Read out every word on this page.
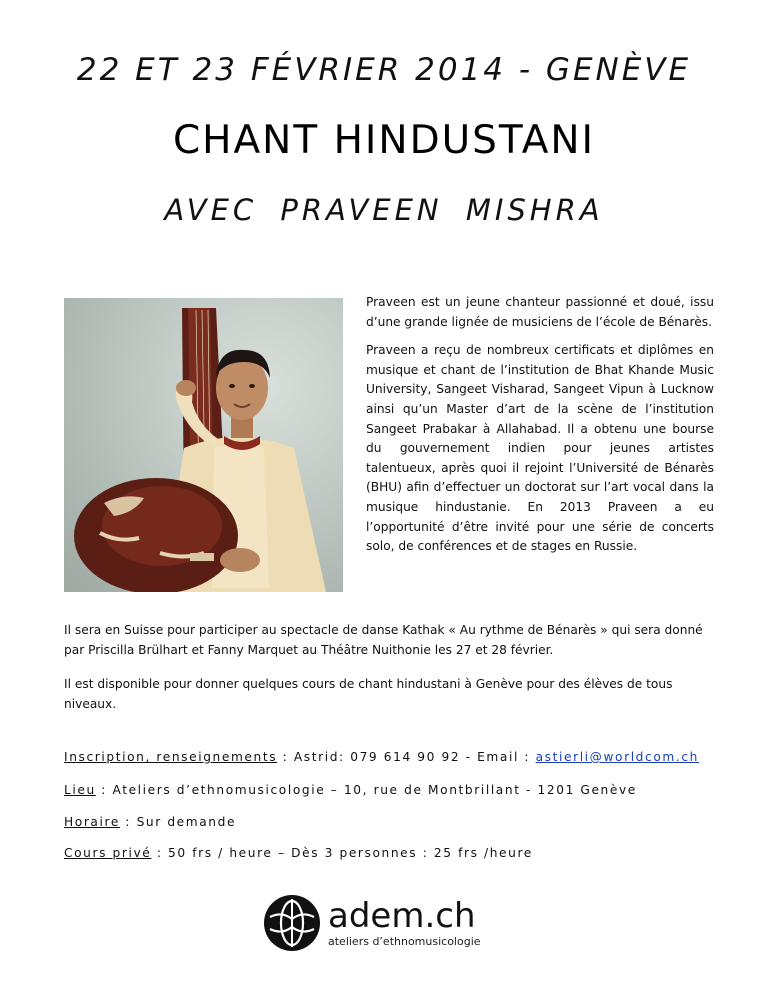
22 ET 23 FÉVRIER 2014 - GENÈVE
CHANT HINDUSTANI
AVEC PRAVEEN MISHRA

Praveen est un jeune chanteur passionné et doué, issu d’une grande lignée de musiciens de l’école de Bénarès.

Praveen a reçu de nombreux certificats et diplômes en musique et chant de l’institution de Bhat Khande Music University, Sangeet Visharad, Sangeet Vipun à Lucknow ainsi qu’un Master d’art de la scène de l’institution Sangeet Prabakar à Allahabad. Il a obtenu une bourse du gouvernement indien pour jeunes artistes talentueux, après quoi il rejoint l’Université de Bénarès (BHU) afin d’effectuer un doctorat sur l’art vocal dans la musique hindustanie. En 2013 Praveen a eu l’opportunité d’être invité pour une série de concerts solo, de conférences et de stages en Russie.

Il sera en Suisse pour participer au spectacle de danse Kathak « Au rythme de Bénarès » qui sera donné par Priscilla Brülhart et Fanny Marquet au Théâtre Nuithonie les 27 et 28 février.
Il est disponible pour donner quelques cours de chant hindustani à Genève pour des élèves de tous niveaux.
Inscription, renseignements : Astrid: 079 614 90 92 - Email : astierli@worldcom.ch
Lieu : Ateliers d’ethnomusicologie – 10, rue de Montbrillant - 1201 Genève
Horaire : Sur demande
Cours privé : 50 frs / heure – Dès 3 personnes : 25 frs /heure
adem.ch
ateliers d’ethnomusicologie
